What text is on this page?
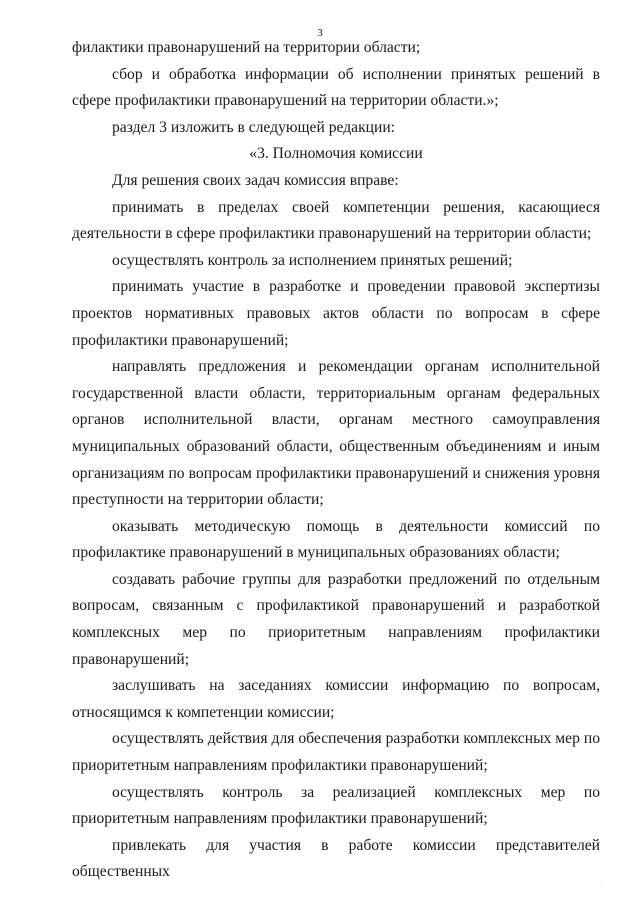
3

филактики правонарушений на территории области;

сбор и обработка информации об исполнении принятых решений в сфере профилактики правонарушений на территории области.»;

раздел 3 изложить в следующей редакции:

«3. Полномочия комиссии

Для решения своих задач комиссия вправе:

принимать в пределах своей компетенции решения, касающиеся деятельности в сфере профилактики правонарушений на территории области;

осуществлять контроль за исполнением принятых решений;

принимать участие в разработке и проведении правовой экспертизы проектов нормативных правовых актов области по вопросам в сфере профилактики правонарушений;

направлять предложения и рекомендации органам исполнительной государственной власти области, территориальным органам федеральных органов исполнительной власти, органам местного самоуправления муниципальных образований области, общественным объединениям и иным организациям по вопросам профилактики правонарушений и снижения уровня преступности на территории области;

оказывать методическую помощь в деятельности комиссий по профилактике правонарушений в муниципальных образованиях области;

создавать рабочие группы для разработки предложений по отдельным вопросам, связанным с профилактикой правонарушений и разработкой комплексных мер по приоритетным направлениям профилактики правонарушений;

заслушивать на заседаниях комиссии информацию по вопросам, относящимся к компетенции комиссии;

осуществлять действия для обеспечения разработки комплексных мер по приоритетным направлениям профилактики правонарушений;

осуществлять контроль за реализацией комплексных мер по приоритетным направлениям профилактики правонарушений;

привлекать для участия в работе комиссии представителей общественных

·
